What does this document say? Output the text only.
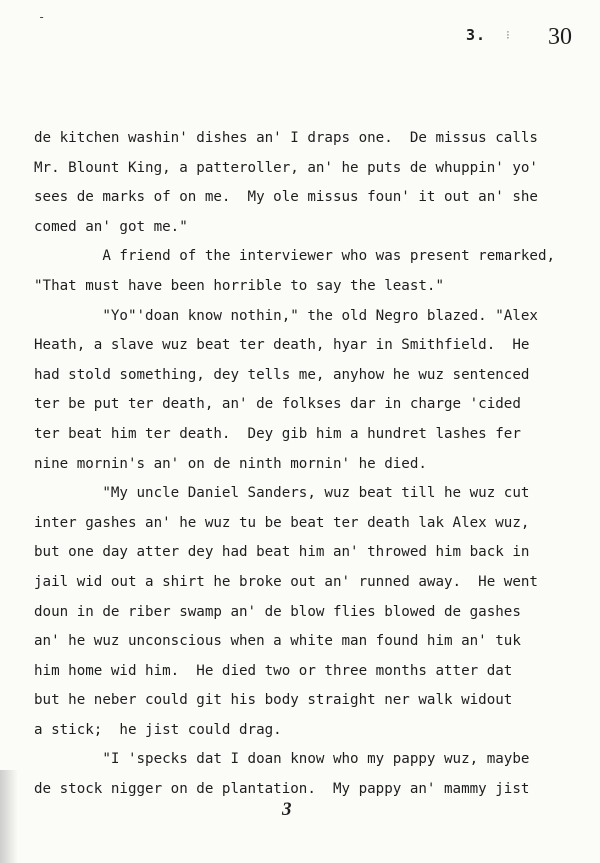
-
3. ⁝ 30
de kitchen washin' dishes an' I draps one.  De missus calls
Mr. Blount King, a patteroller, an' he puts de whuppin' yo'
sees de marks of on me.  My ole missus foun' it out an' she
comed an' got me."
A friend of the interviewer who was present remarked,
"That must have been horrible to say the least."
"Yo"'doan know nothin," the old Negro blazed. "Alex
Heath, a slave wuz beat ter death, hyar in Smithfield.  He
had stold something, dey tells me, anyhow he wuz sentenced
ter be put ter death, an' de folkses dar in charge 'cided
ter beat him ter death.  Dey gib him a hundret lashes fer
nine mornin's an' on de ninth mornin' he died.
"My uncle Daniel Sanders, wuz beat till he wuz cut
inter gashes an' he wuz tu be beat ter death lak Alex wuz,
but one day atter dey had beat him an' throwed him back in
jail wid out a shirt he broke out an' runned away.  He went
doun in de riber swamp an' de blow flies blowed de gashes
an' he wuz unconscious when a white man found him an' tuk
him home wid him.  He died two or three months atter dat
but he neber could git his body straight ner walk widout
a stick;  he jist could drag.
"I 'specks dat I doan know who my pappy wuz, maybe
de stock nigger on de plantation.  My pappy an' mammy jist
3
